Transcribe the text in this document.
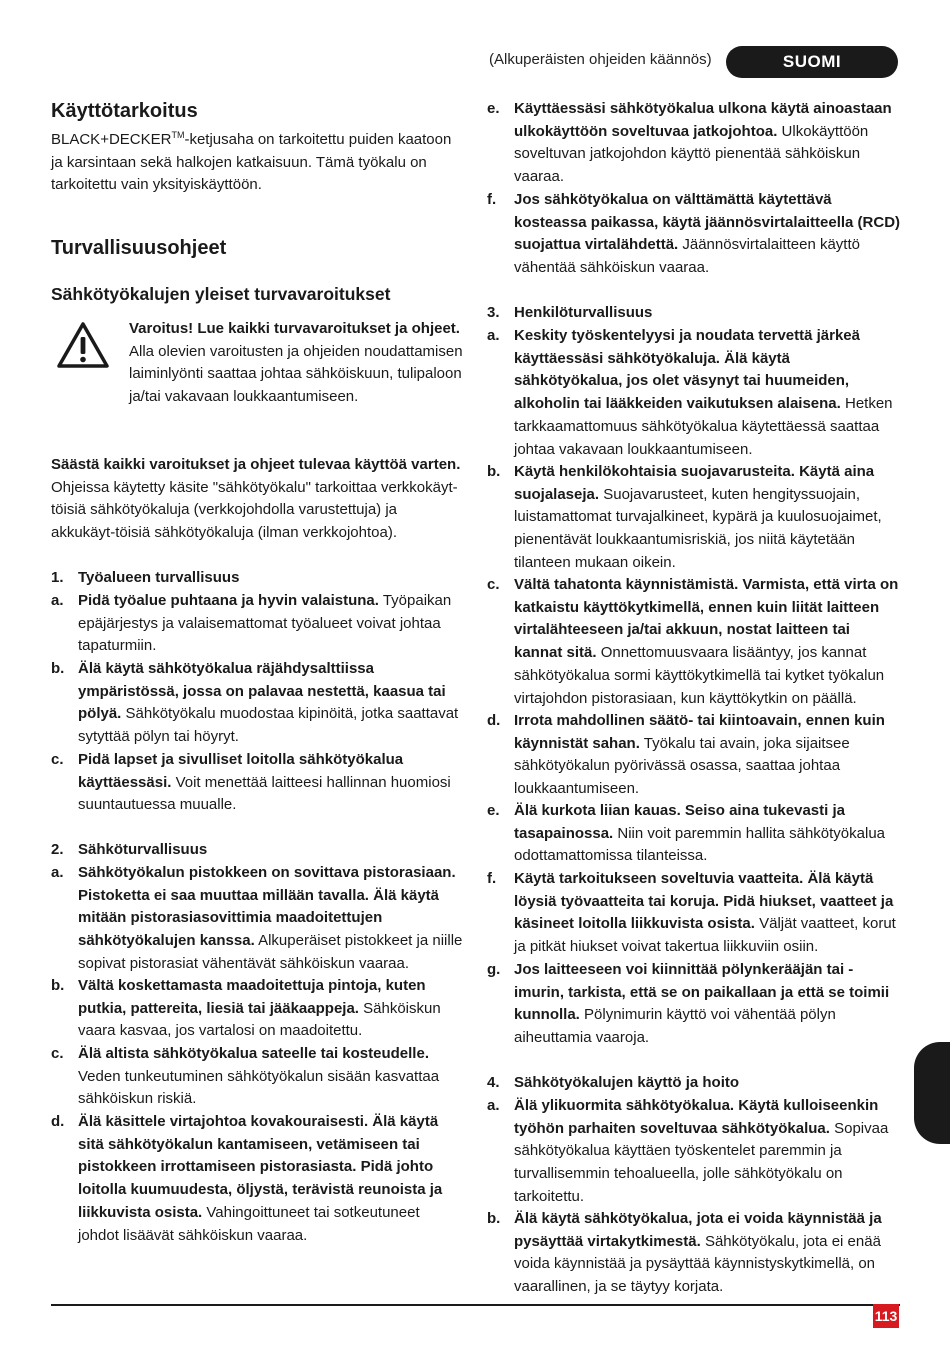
(Alkuperäisten ohjeiden käännös)	SUOMI
Käyttötarkoitus

BLACK+DECKER™-ketjusaha on tarkoitettu puiden kaatoon ja karsintaan sekä halkojen katkaisuun. Tämä työkalu on tarkoitettu vain yksityiskäyttöön.

Turvallisuusohjeet
Sähkötyökalujen yleiset turvavaroitukset

Varoitus! Lue kaikki turvavaroitukset ja ohjeet. Alla olevien varoitusten ja ohjeiden noudattamisen laiminlyönti saattaa johtaa sähköiskuun, tulipaloon ja/tai vakavaan loukkaantumiseen.

Säästä kaikki varoitukset ja ohjeet tulevaa käyttöä varten. Ohjeissa käytetty käsite "sähkötyökalu" tarkoittaa verkkokäyt-töisiä sähkötyökaluja (verkkojohdolla varustettuja) ja akkukäyt-töisiä sähkötyökaluja (ilman verkkojohtoa).

1. Työalueen turvallisuus
a. Pidä työalue puhtaana ja hyvin valaistuna. Työpaikan epäjärjestys ja valaisemattomat työalueet voivat johtaa tapaturmiin.

b. Älä käytä sähkötyökalua räjähdysalttiissa ympäristössä, jossa on palavaa nestettä, kaasua tai pölyä. Sähkötyökalu muodostaa kipinöitä, jotka saattavat sytyttää pölyn tai höyryt.

c. Pidä lapset ja sivulliset loitolla sähkötyökalua käyttäessäsi. Voit menettää laitteesi hallinnan huomiosi suuntautuessa muualle.

2. Sähköturvallisuus
a. Sähkötyökalun pistokkeen on sovittava pistorasiaan. Pistoketta ei saa muuttaa millään tavalla. Älä käytä mitään pistorasiasovittimia maadoitettujen sähkötyökalujen kanssa. Alkuperäiset pistokkeet ja niille sopivat pistorasiat vähentävät sähköiskun vaaraa.

b. Vältä koskettamasta maadoitettuja pintoja, kuten putkia, pattereita, liesiä tai jääkaappeja. Sähköiskun vaara kasvaa, jos vartalosi on maadoitettu.

c. Älä altista sähkötyökalua sateelle tai kosteudelle. Veden tunkeutuminen sähkötyökalun sisään kasvattaa sähköiskun riskiä.

d. Älä käsittele virtajohtoa kovakouraisesti. Älä käytä sitä sähkötyökalun kantamiseen, vetämiseen tai pistokkeen irrottamiseen pistorasiasta. Pidä johto loitolla kuumuudesta, öljystä, terävistä reunoista ja liikkuvista osista. Vahingoittuneet tai sotkeutuneet johdot lisäävät sähköiskun vaaraa.

e. Käyttäessäsi sähkötyökalua ulkona käytä ainoastaan ulkokäyttöön soveltuvaa jatkojohtoa. Ulkokäyttöön soveltuvan jatkojohdon käyttö pienentää sähköiskun vaaraa.

f. Jos sähkötyökalua on välttämättä käytettävä kosteassa paikassa, käytä jäännösvirtalaitteella (RCD) suojattua virtalähdettä. Jäännösvirtalaitteen käyttö vähentää sähköiskun vaaraa.

3. Henkilöturvallisuus
a. Keskity työskentelyysi ja noudata tervettä järkeä käyttäessäsi sähkötyökaluja. Älä käytä sähkötyökalua, jos olet väsynyt tai huumeiden, alkoholin tai lääkkeiden vaikutuksen alaisena. Hetken tarkkaamattomuus sähkötyökalua käytettäessä saattaa johtaa vakavaan loukkaantumiseen.

b. Käytä henkilökohtaisia suojavarusteita. Käytä aina suojalaseja. Suojavarusteet, kuten hengityssuojain, luistamattomat turvajalkineet, kypärä ja kuulosuojaimet, pienentävät loukkaantumisriskiä, jos niitä käytetään tilanteen mukaan oikein.

c. Vältä tahatonta käynnistämistä. Varmista, että virta on katkaistu käyttökytkimellä, ennen kuin liität laitteen virtalähteeseen ja/tai akkuun, nostat laitteen tai kannat sitä. Onnettomuusvaara lisääntyy, jos kannat sähkötyökalua sormi käyttökytkimellä tai kytket työkalun virtajohdon pistorasiaan, kun käyttökytkin on päällä.

d. Irrota mahdollinen säätö- tai kiintoavain, ennen kuin käynnistät sahan. Työkalu tai avain, joka sijaitsee sähkötyökalun pyörivässä osassa, saattaa johtaa loukkaantumiseen.

e. Älä kurkota liian kauas. Seiso aina tukevasti ja tasapainossa. Niin voit paremmin hallita sähkötyökalua odottamattomissa tilanteissa.

f. Käytä tarkoitukseen soveltuvia vaatteita. Älä käytä löysiä työvaatteita tai koruja. Pidä hiukset, vaatteet ja käsineet loitolla liikkuvista osista. Väljät vaatteet, korut ja pitkät hiukset voivat takertua liikkuviin osiin.

g. Jos laitteeseen voi kiinnittää pölynkerääjän tai -imurin, tarkista, että se on paikallaan ja että se toimii kunnolla. Pölynimurin käyttö voi vähentää pölyn aiheuttamia vaaroja.

4. Sähkötyökalujen käyttö ja hoito
a. Älä ylikuormita sähkötyökalua. Käytä kulloiseenkin työhön parhaiten soveltuvaa sähkötyökalua. Sopivaa sähkötyökalua käyttäen työskentelet paremmin ja turvallisemmin tehoalueella, jolle sähkötyökalu on tarkoitettu.

b. Älä käytä sähkötyökalua, jota ei voida käynnistää ja pysäyttää virtakytkimestä. Sähkötyökalu, jota ei enää voida käynnistää ja pysäyttää käynnistyskytkimellä, on vaarallinen, ja se täytyy korjata.

113
